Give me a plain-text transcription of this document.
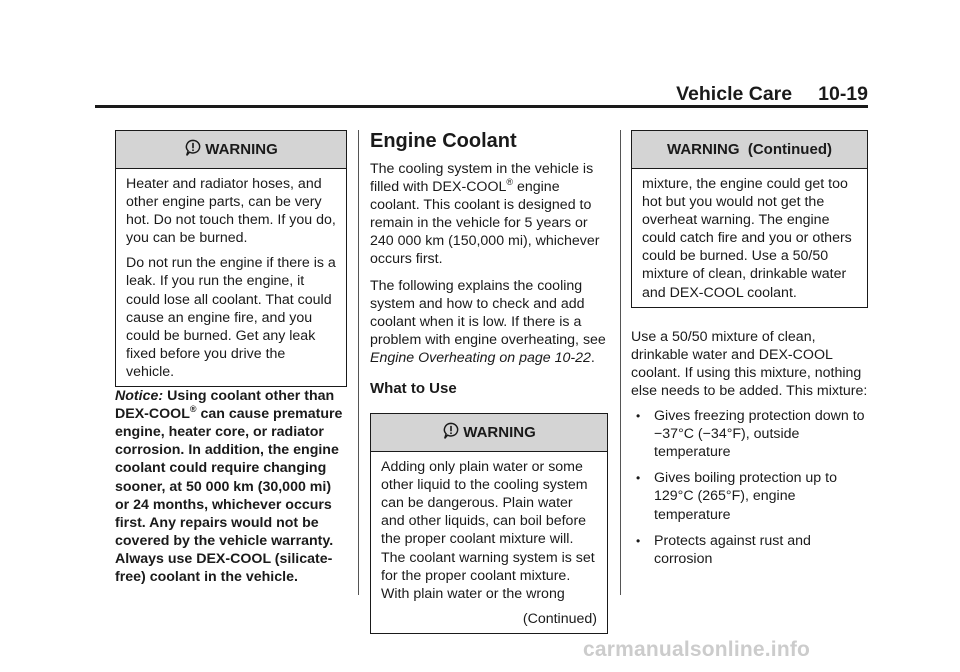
Vehicle Care 10-19
WARNING

Heater and radiator hoses, and other engine parts, can be very hot. Do not touch them. If you do, you can be burned.

Do not run the engine if there is a leak. If you run the engine, it could lose all coolant. That could cause an engine fire, and you could be burned. Get any leak fixed before you drive the vehicle.

Notice: Using coolant other than DEX-COOL® can cause premature engine, heater core, or radiator corrosion. In addition, the engine coolant could require changing sooner, at 50 000 km (30,000 mi) or 24 months, whichever occurs first. Any repairs would not be covered by the vehicle warranty. Always use DEX-COOL (silicate-free) coolant in the vehicle.

Engine Coolant

The cooling system in the vehicle is filled with DEX-COOL® engine coolant. This coolant is designed to remain in the vehicle for 5 years or 240 000 km (150,000 mi), whichever occurs first.

The following explains the cooling system and how to check and add coolant when it is low. If there is a problem with engine overheating, see Engine Overheating on page 10-22.

What to Use
WARNING

Adding only plain water or some other liquid to the cooling system can be dangerous. Plain water and other liquids, can boil before the proper coolant mixture will. The coolant warning system is set for the proper coolant mixture. With plain water or the wrong

(Continued)

WARNING  (Continued)

mixture, the engine could get too hot but you would not get the overheat warning. The engine could catch fire and you or others could be burned. Use a 50/50 mixture of clean, drinkable water and DEX-COOL coolant.

Use a 50/50 mixture of clean, drinkable water and DEX-COOL coolant. If using this mixture, nothing else needs to be added. This mixture:

• Gives freezing protection down to −37°C (−34°F), outside temperature
• Gives boiling protection up to 129°C (265°F), engine temperature
• Protects against rust and corrosion
carmanualsonline.info
